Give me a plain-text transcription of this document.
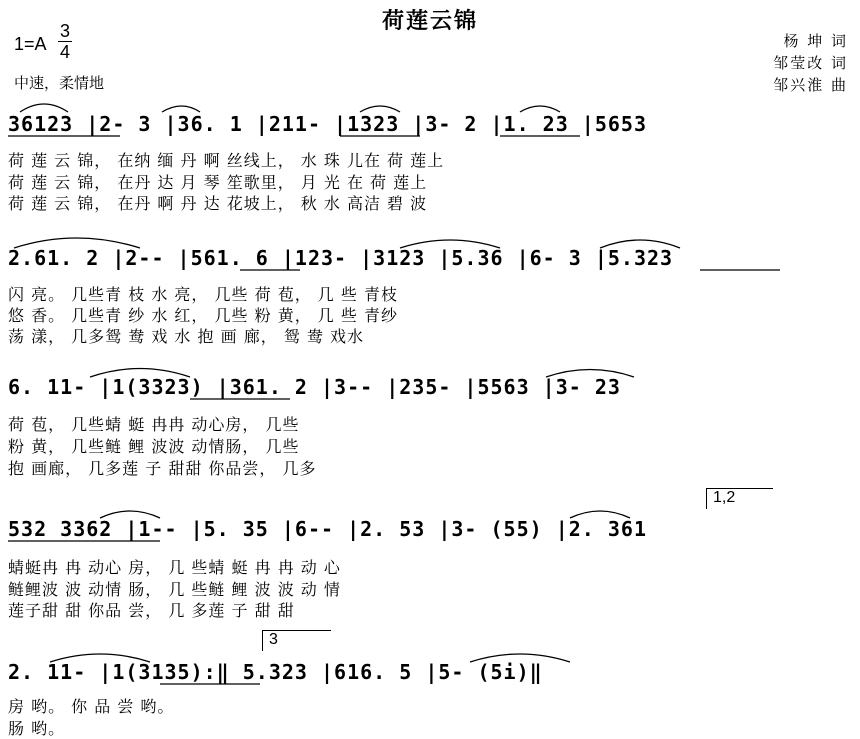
荷莲云锦
1=A
3
4
中速，柔情地
杨 坤 词
邹莹改 词
邹兴淮 曲
36123 |2- 3 |36. 1 |211- |1323 |3- 2 |1. 23 |5653
荷 莲 云 锦， 在纳 缅 丹 啊 丝线上， 水 珠 儿在 荷 莲上
荷 莲 云 锦， 在丹 达 月 琴 笙歌里， 月 光 在 荷 莲上
荷 莲 云 锦， 在丹 啊 丹 达 花坡上， 秋 水 高洁 碧 波
2.61. 2 |2-- |561. 6 |123- |3123 |5.36 |6- 3 |5.323
闪 亮。 几些青 枝 水 亮， 几些 荷 苞， 几 些 青枝
悠 香。 几些青 纱 水 红， 几些 粉 黄， 几 些 青纱
荡 漾， 几多鸳 鸯 戏 水 抱 画 廊， 鸳 鸯 戏水
6. 11- |1(3323) |361. 2 |3-- |235- |5563 |3- 23
荷 苞， 几些蜻 蜓 冉冉 动心房， 几些
粉 黄， 几些鲢 鲤 波波 动情肠， 几些
抱 画廊， 几多莲 子 甜甜 你品尝， 几多
1,2
532 3362 |1-- |5. 35 |6-- |2. 53 |3- (55) |2. 361
蜻蜓冉 冉 动心 房， 几 些蜻 蜓 冉 冉 动 心
鲢鲤波 波 动情 肠， 几 些鲢 鲤 波 波 动 情
莲子甜 甜 你品 尝， 几 多莲 子 甜 甜
3
2. 11- |1(3135):‖ 5.323 |616. 5 |5- (5i)‖
房 哟。 你 品 尝 哟。
肠 哟。
